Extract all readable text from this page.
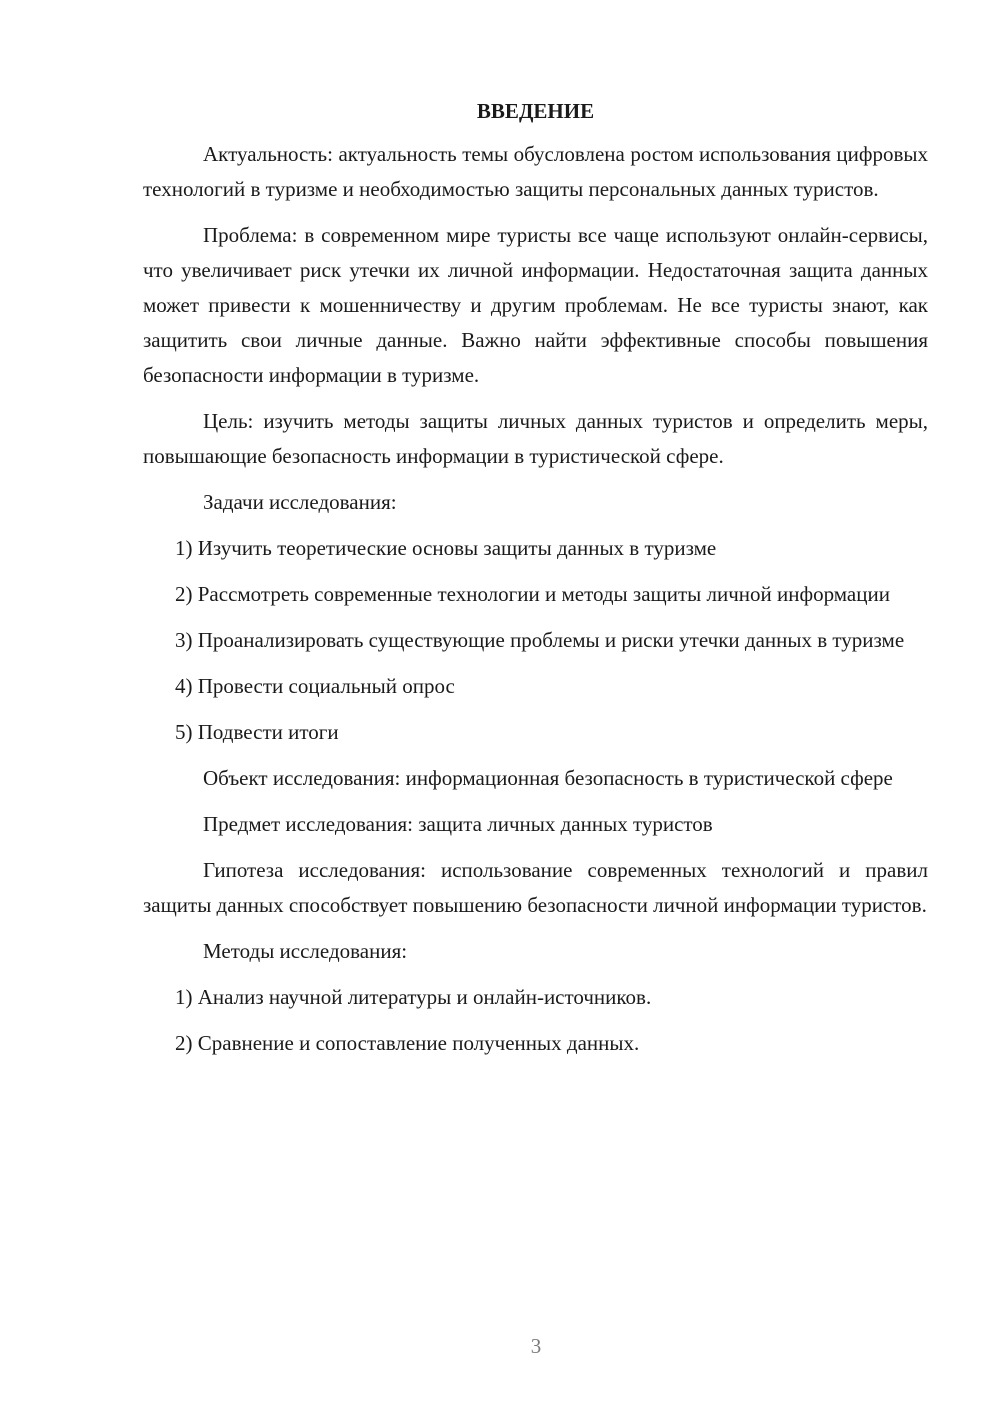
ВВЕДЕНИЕ

Актуальность: актуальность темы обусловлена ростом использования цифровых технологий в туризме и необходимостью защиты персональных данных туристов.

Проблема: в современном мире туристы все чаще используют онлайн-сервисы, что увеличивает риск утечки их личной информации. Недостаточная защита данных может привести к мошенничеству и другим проблемам. Не все туристы знают, как защитить свои личные данные. Важно найти эффективные способы повышения безопасности информации в туризме.

Цель: изучить методы защиты личных данных туристов и определить меры, повышающие безопасность информации в туристической сфере.

Задачи исследования:

1) Изучить теоретические основы защиты данных в туризме

2) Рассмотреть современные технологии и методы защиты личной информации

3) Проанализировать существующие проблемы и риски утечки данных в туризме

4) Провести социальный опрос

5) Подвести итоги

Объект исследования: информационная безопасность в туристической сфере

Предмет исследования: защита личных данных туристов

Гипотеза исследования: использование современных технологий и правил защиты данных способствует повышению безопасности личной информации туристов.

Методы исследования:

1) Анализ научной литературы и онлайн-источников.

2) Сравнение и сопоставление полученных данных.

3
